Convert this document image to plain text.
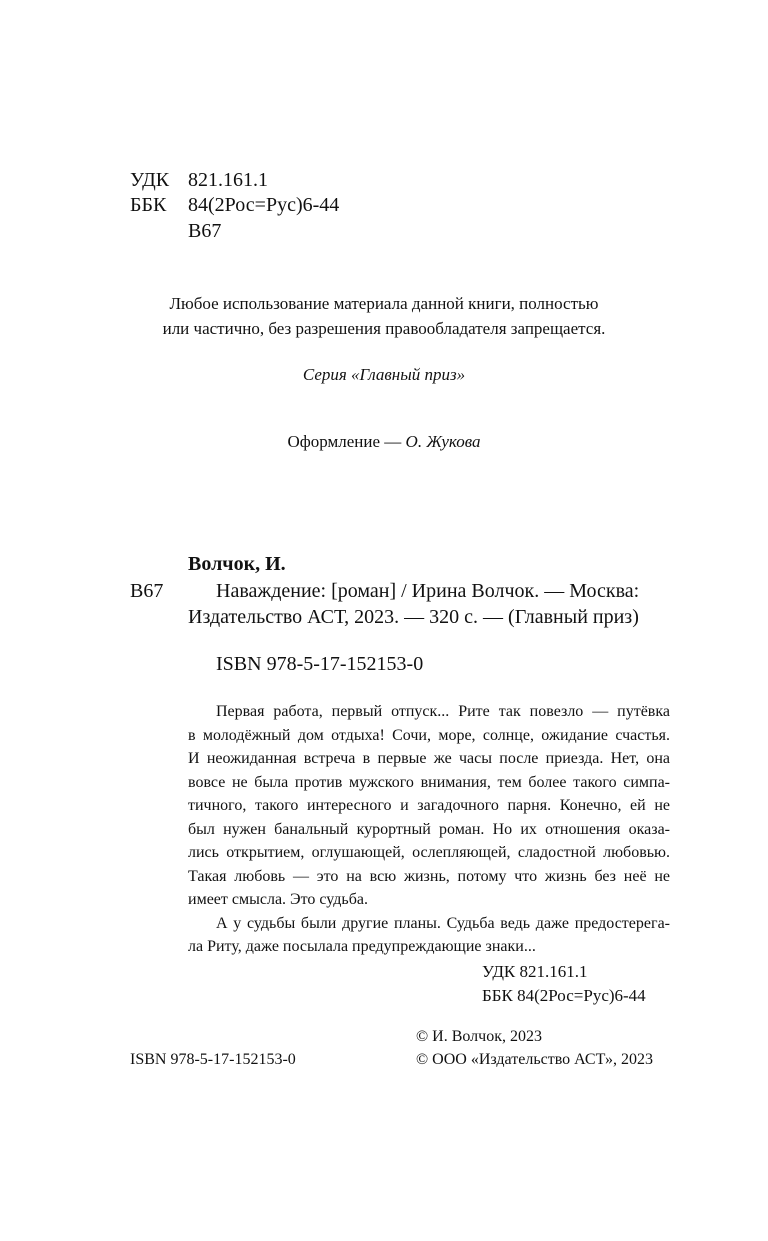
УДК 821.161.1
ББК 84(2Рос=Рус)6-44
В67
Любое использование материала данной книги, полностью
или частично, без разрешения правообладателя запрещается.
Серия «Главный приз»
Оформление — О. Жукова
Волчок, И.
В67	Наваждение: [роман] / Ирина Волчок. — Москва:
Издательство АСТ, 2023. — 320 с. — (Главный приз)
ISBN 978-5-17-152153-0

Первая работа, первый отпуск... Рите так повезло — путёвка

в молодёжный дом отдыха! Сочи, море, солнце, ожидание счастья.

И неожиданная встреча в первые же часы после приезда. Нет, она

вовсе не была против мужского внимания, тем более такого симпа-

тичного, такого интересного и загадочного парня. Конечно, ей не

был нужен банальный курортный роман. Но их отношения оказа-

лись открытием, оглушающей, ослепляющей, сладостной любовью.

Такая любовь — это на всю жизнь, потому что жизнь без неё не

имеет смысла. Это судьба.

А у судьбы были другие планы. Судьба ведь даже предостерега-

ла Риту, даже посылала предупреждающие знаки...

УДК 821.161.1
ББК 84(2Рос=Рус)6-44
© И. Волчок, 2023
ISBN 978-5-17-152153-0	© ООО «Издательство АСТ», 2023
